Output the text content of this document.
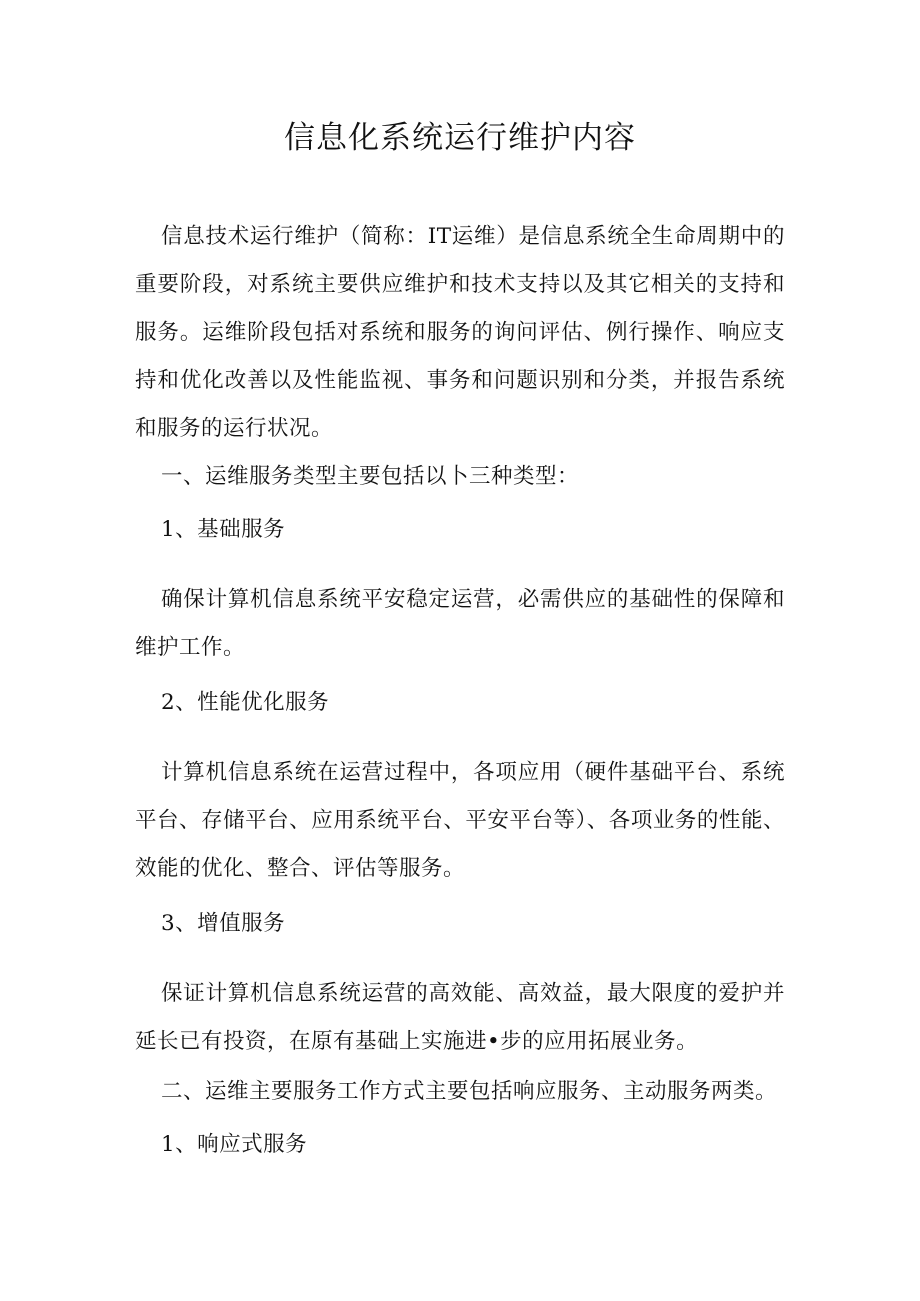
信息化系统运行维护内容

信息技术运行维护（简称：IT运维）是信息系统全生命周期中的重要阶段，对系统主要供应维护和技术支持以及其它相关的支持和服务。运维阶段包括对系统和服务的询问评估、例行操作、响应支持和优化改善以及性能监视、事务和问题识别和分类，并报告系统和服务的运行状况。

一、运维服务类型主要包括以卜三种类型：

1、基础服务

确保计算机信息系统平安稳定运营，必需供应的基础性的保障和维护工作。

2、性能优化服务

计算机信息系统在运营过程中，各项应用（硬件基础平台、系统平台、存储平台、应用系统平台、平安平台等）、各项业务的性能、效能的优化、整合、评估等服务。

3、增值服务

保证计算机信息系统运营的高效能、高效益，最大限度的爱护并延长已有投资，在原有基础上实施进•步的应用拓展业务。

二、运维主要服务工作方式主要包括响应服务、主动服务两类。

1、响应式服务
